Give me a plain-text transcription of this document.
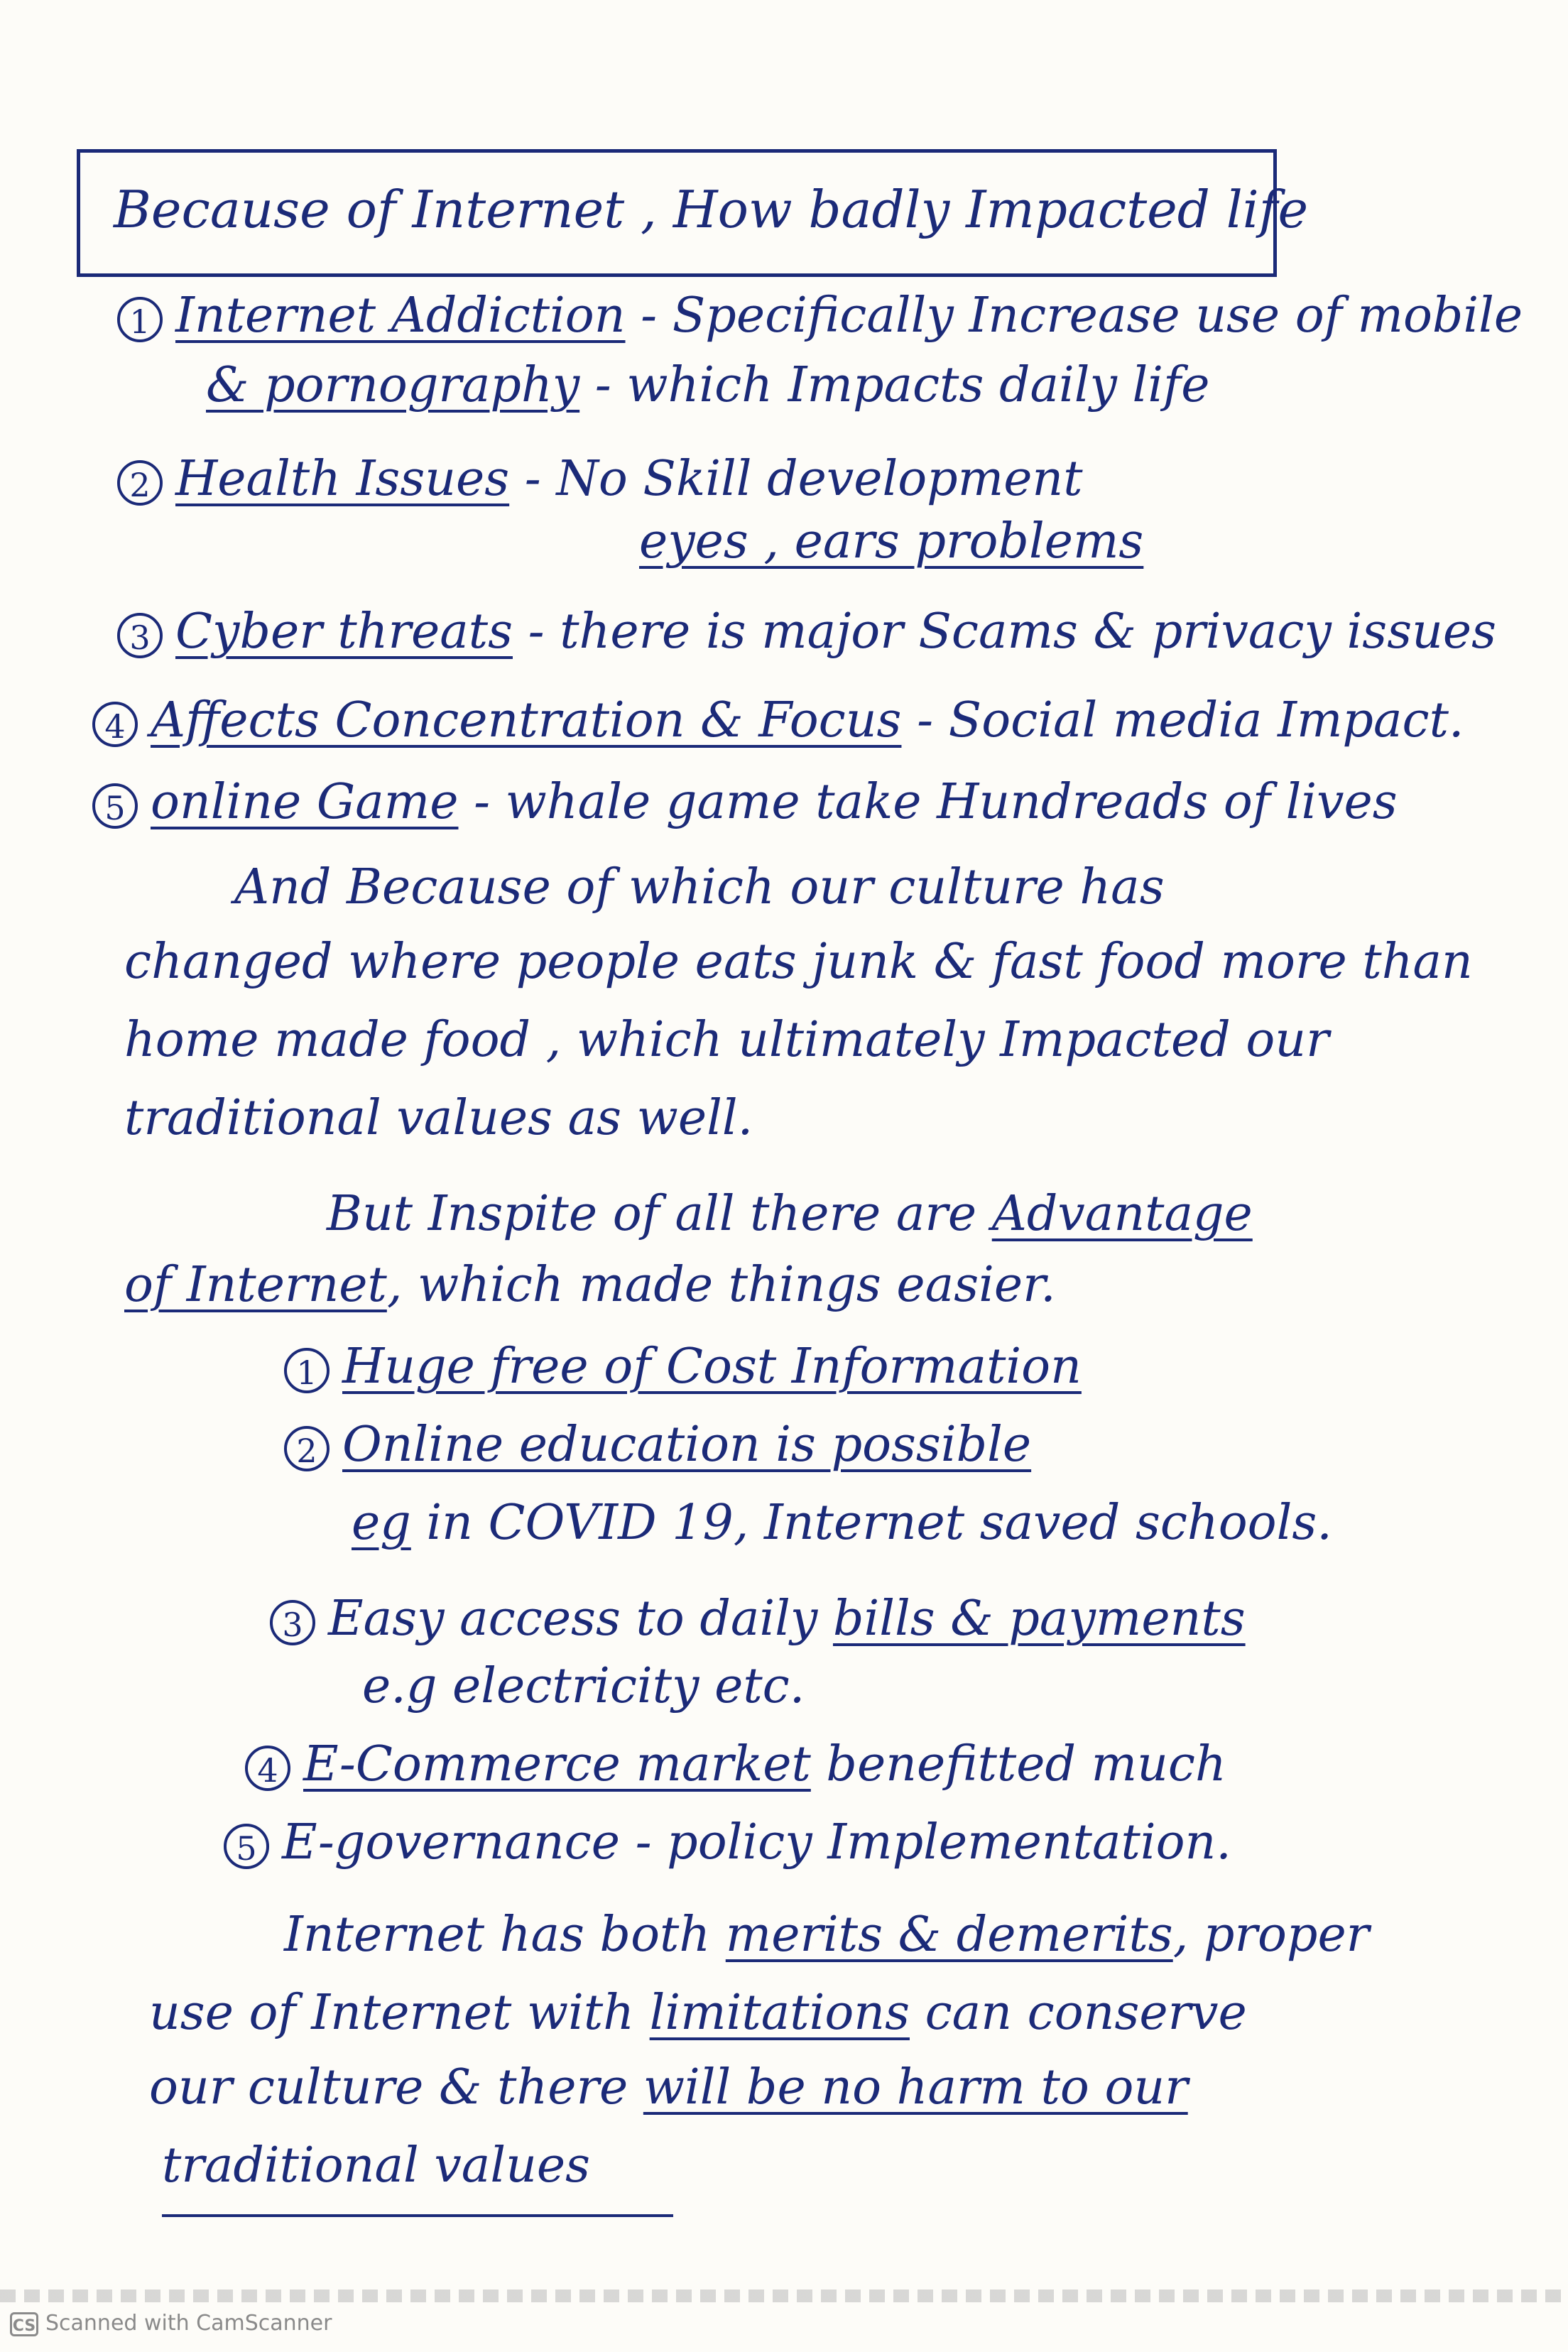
Because of Internet , How badly Impacted life
1 Internet Addiction - Specifically Increase use of mobile
& pornography - which Impacts daily life
2 Health Issues - No Skill development
eyes , ears problems
3 Cyber threats - there is major Scams & privacy issues
4 Affects Concentration & Focus - Social media Impact.
5 online Game - whale game take Hundreads of lives
And Because of which our culture has
changed where people eats junk & fast food more than
home made food , which ultimately Impacted our
traditional values as well.
But Inspite of all there are Advantage
of Internet, which made things easier.
1 Huge free of Cost Information
2 Online education is possible
eg in COVID 19, Internet saved schools.
3 Easy access to daily bills & payments
e.g electricity etc.
4 E-Commerce market benefitted much
5 E-governance - policy Implementation.
Internet has both merits & demerits, proper
use of Internet with limitations can conserve
our culture & there will be no harm to our
traditional values
CS Scanned with CamScanner
